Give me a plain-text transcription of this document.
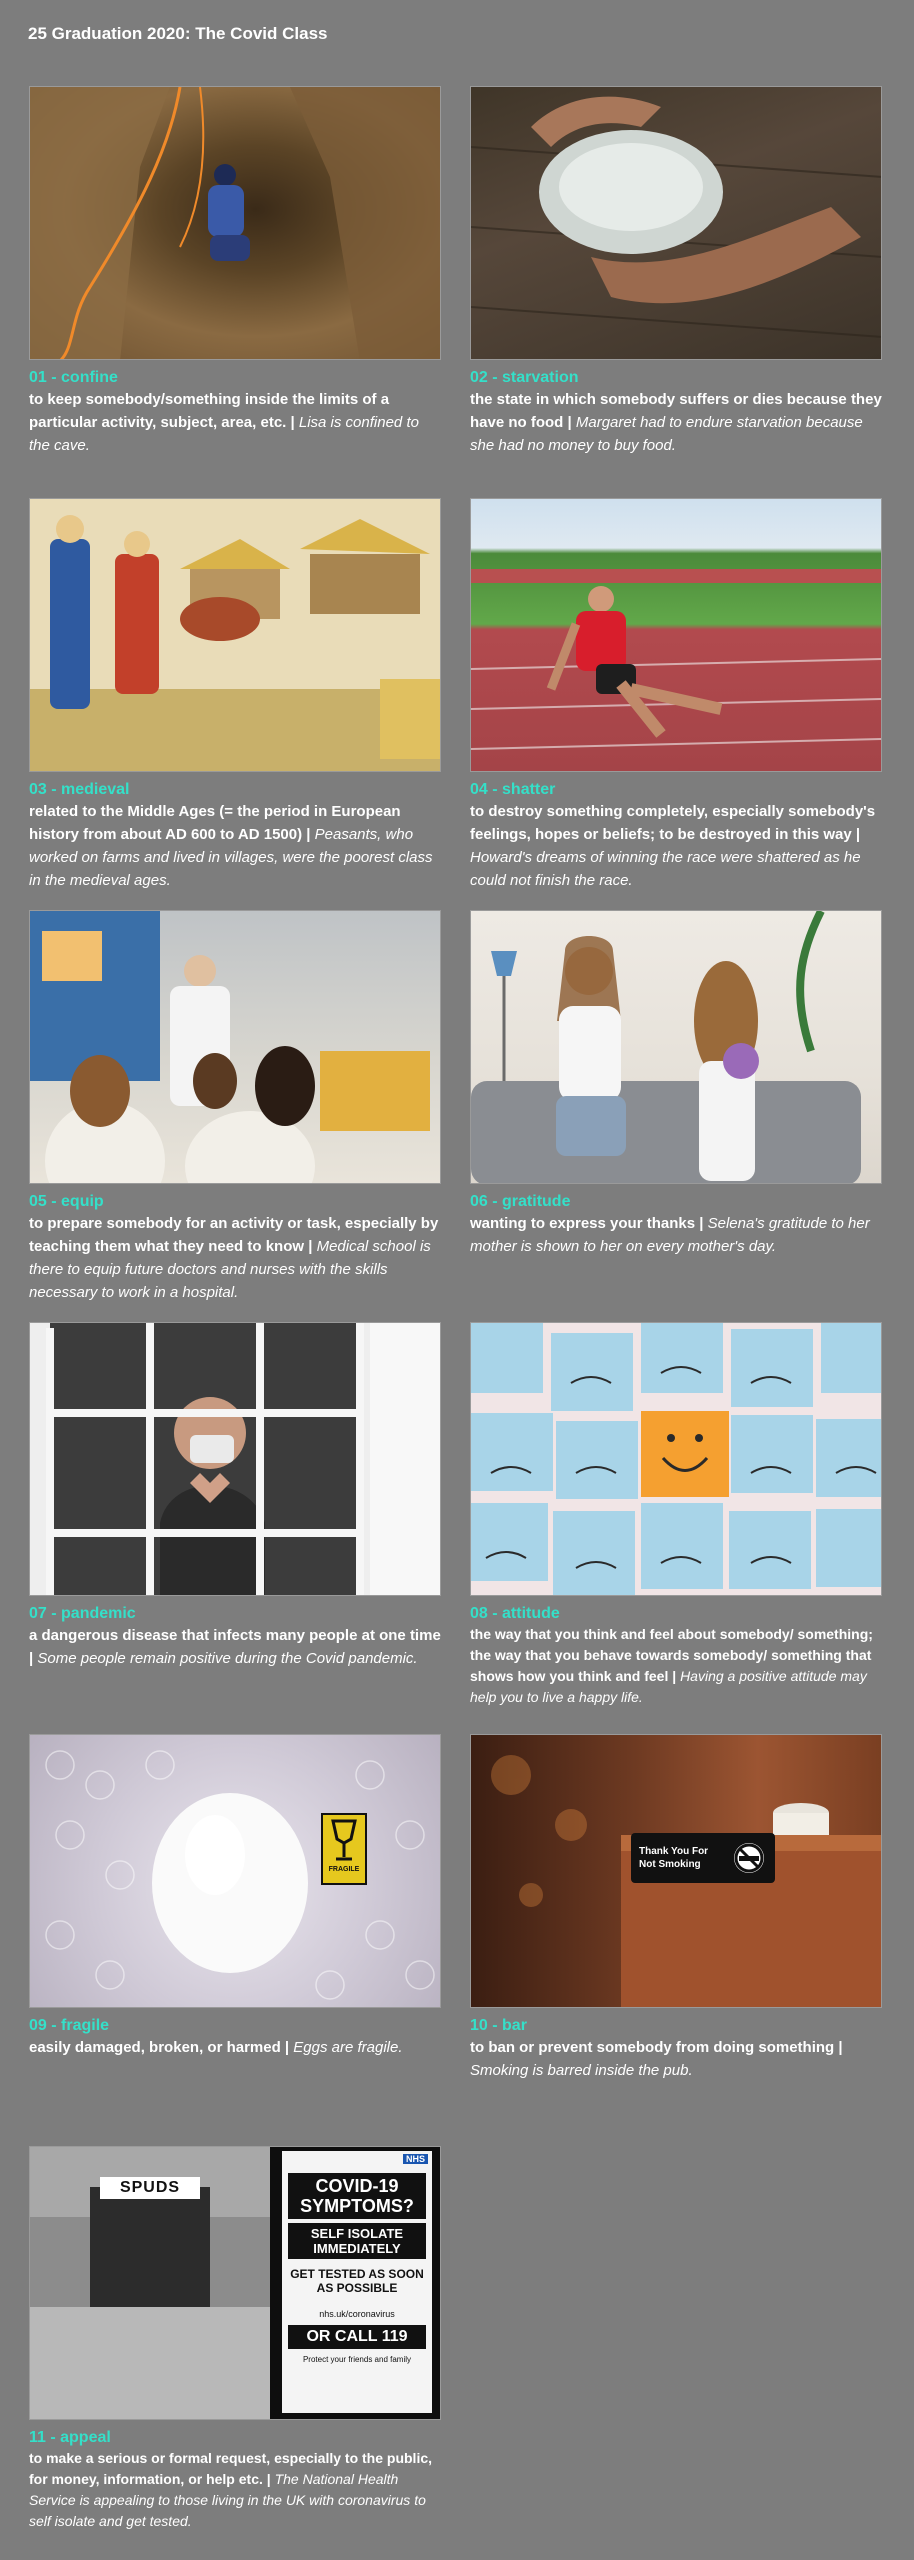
25 Graduation 2020: The Covid Class
01 - confine
to keep somebody/something inside the limits of a particular activity, subject, area, etc. | Lisa is confined to the cave.
02 - starvation
the state in which somebody suffers or dies because they have no food | Margaret had to endure starvation because she had no money to buy food.
03 - medieval
related to the Middle Ages (= the period in European history from about AD 600 to AD 1500) | Peasants, who worked on farms and lived in villages, were the poorest class in the medieval ages.
04 - shatter
to destroy something completely, especially somebody's feelings, hopes or beliefs; to be destroyed in this way | Howard's dreams of winning the race were shattered as he could not finish the race.
05 - equip
to prepare somebody for an activity or task, especially by teaching them what they need to know | Medical school is there to equip future doctors and nurses with the skills necessary to work in a hospital.
06 - gratitude
wanting to express your thanks | Selena's gratitude to her mother is shown to her on every mother's day.
07 - pandemic
a dangerous disease that infects many people at one time | Some people remain positive during the Covid pandemic.
08 - attitude
the way that you think and feel about somebody/ something; the way that you behave towards somebody/ something that shows how you think and feel | Having a positive attitude may help you to live a happy life.
FRAGILE
09 - fragile
easily damaged, broken, or harmed | Eggs are fragile.
Thank You For
Not Smoking
10 - bar
to ban or prevent somebody from doing something | Smoking is barred inside the pub.
SPUDS
NHS
COVID-19 SYMPTOMS?
SELF ISOLATE IMMEDIATELY
GET TESTED AS SOON AS POSSIBLE
nhs.uk/coronavirus
OR CALL 119
Protect your friends and family
11 - appeal
to make a serious or formal request, especially to the public, for money, information, or help etc. | The National Health Service is appealing to those living in the UK with coronavirus to self isolate and get tested.
